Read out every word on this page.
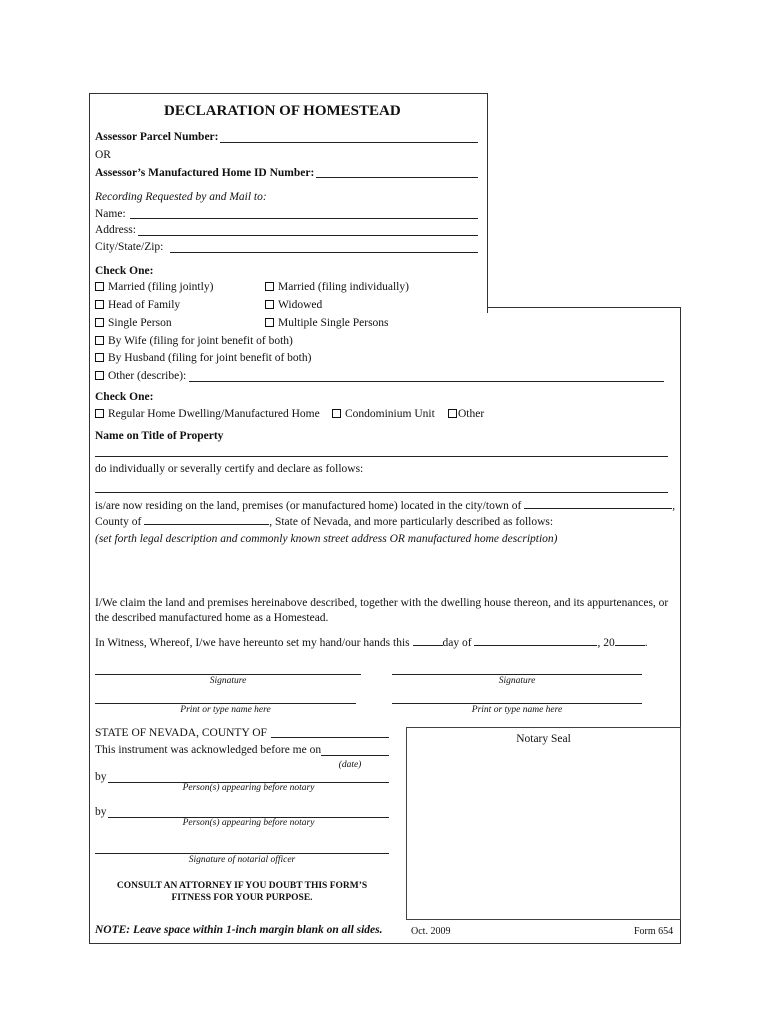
DECLARATION OF HOMESTEAD
Assessor Parcel Number:
OR
Assessor’s Manufactured Home ID Number:
Recording Requested by and Mail to:
Name:
Address:
City/State/Zip:
Check One:
Married (filing jointly)	Married (filing individually)
Head of Family	Widowed
Single Person	Multiple Single Persons
By Wife (filing for joint benefit of both)
By Husband (filing for joint benefit of both)
Other (describe):
Check One:
Regular Home Dwelling/Manufactured Home	Condominium Unit	Other
Name on Title of Property
do individually or severally certify and declare as follows:
is/are now residing on the land, premises (or manufactured home) located in the city/town of	,
County of	, State of Nevada, and more particularly described as follows:
(set forth legal description and commonly known street address OR manufactured home description)
I/We claim the land and premises hereinabove described, together with the dwelling house thereon, and its appurtenances, or
the described manufactured home as a Homestead.
In Witness, Whereof, I/we have hereunto set my hand/our hands this	day of	, 20	.
Signature	Signature
Print or type name here	Print or type name here
STATE OF NEVADA, COUNTY OF
This instrument was acknowledged before me on
(date)
by
Person(s) appearing before notary
by
Person(s) appearing before notary
Signature of notarial officer
Notary Seal
CONSULT AN ATTORNEY IF YOU DOUBT THIS FORM’S
FITNESS FOR YOUR PURPOSE.
NOTE: Leave space within 1-inch margin blank on all sides.	Oct. 2009	Form 654
